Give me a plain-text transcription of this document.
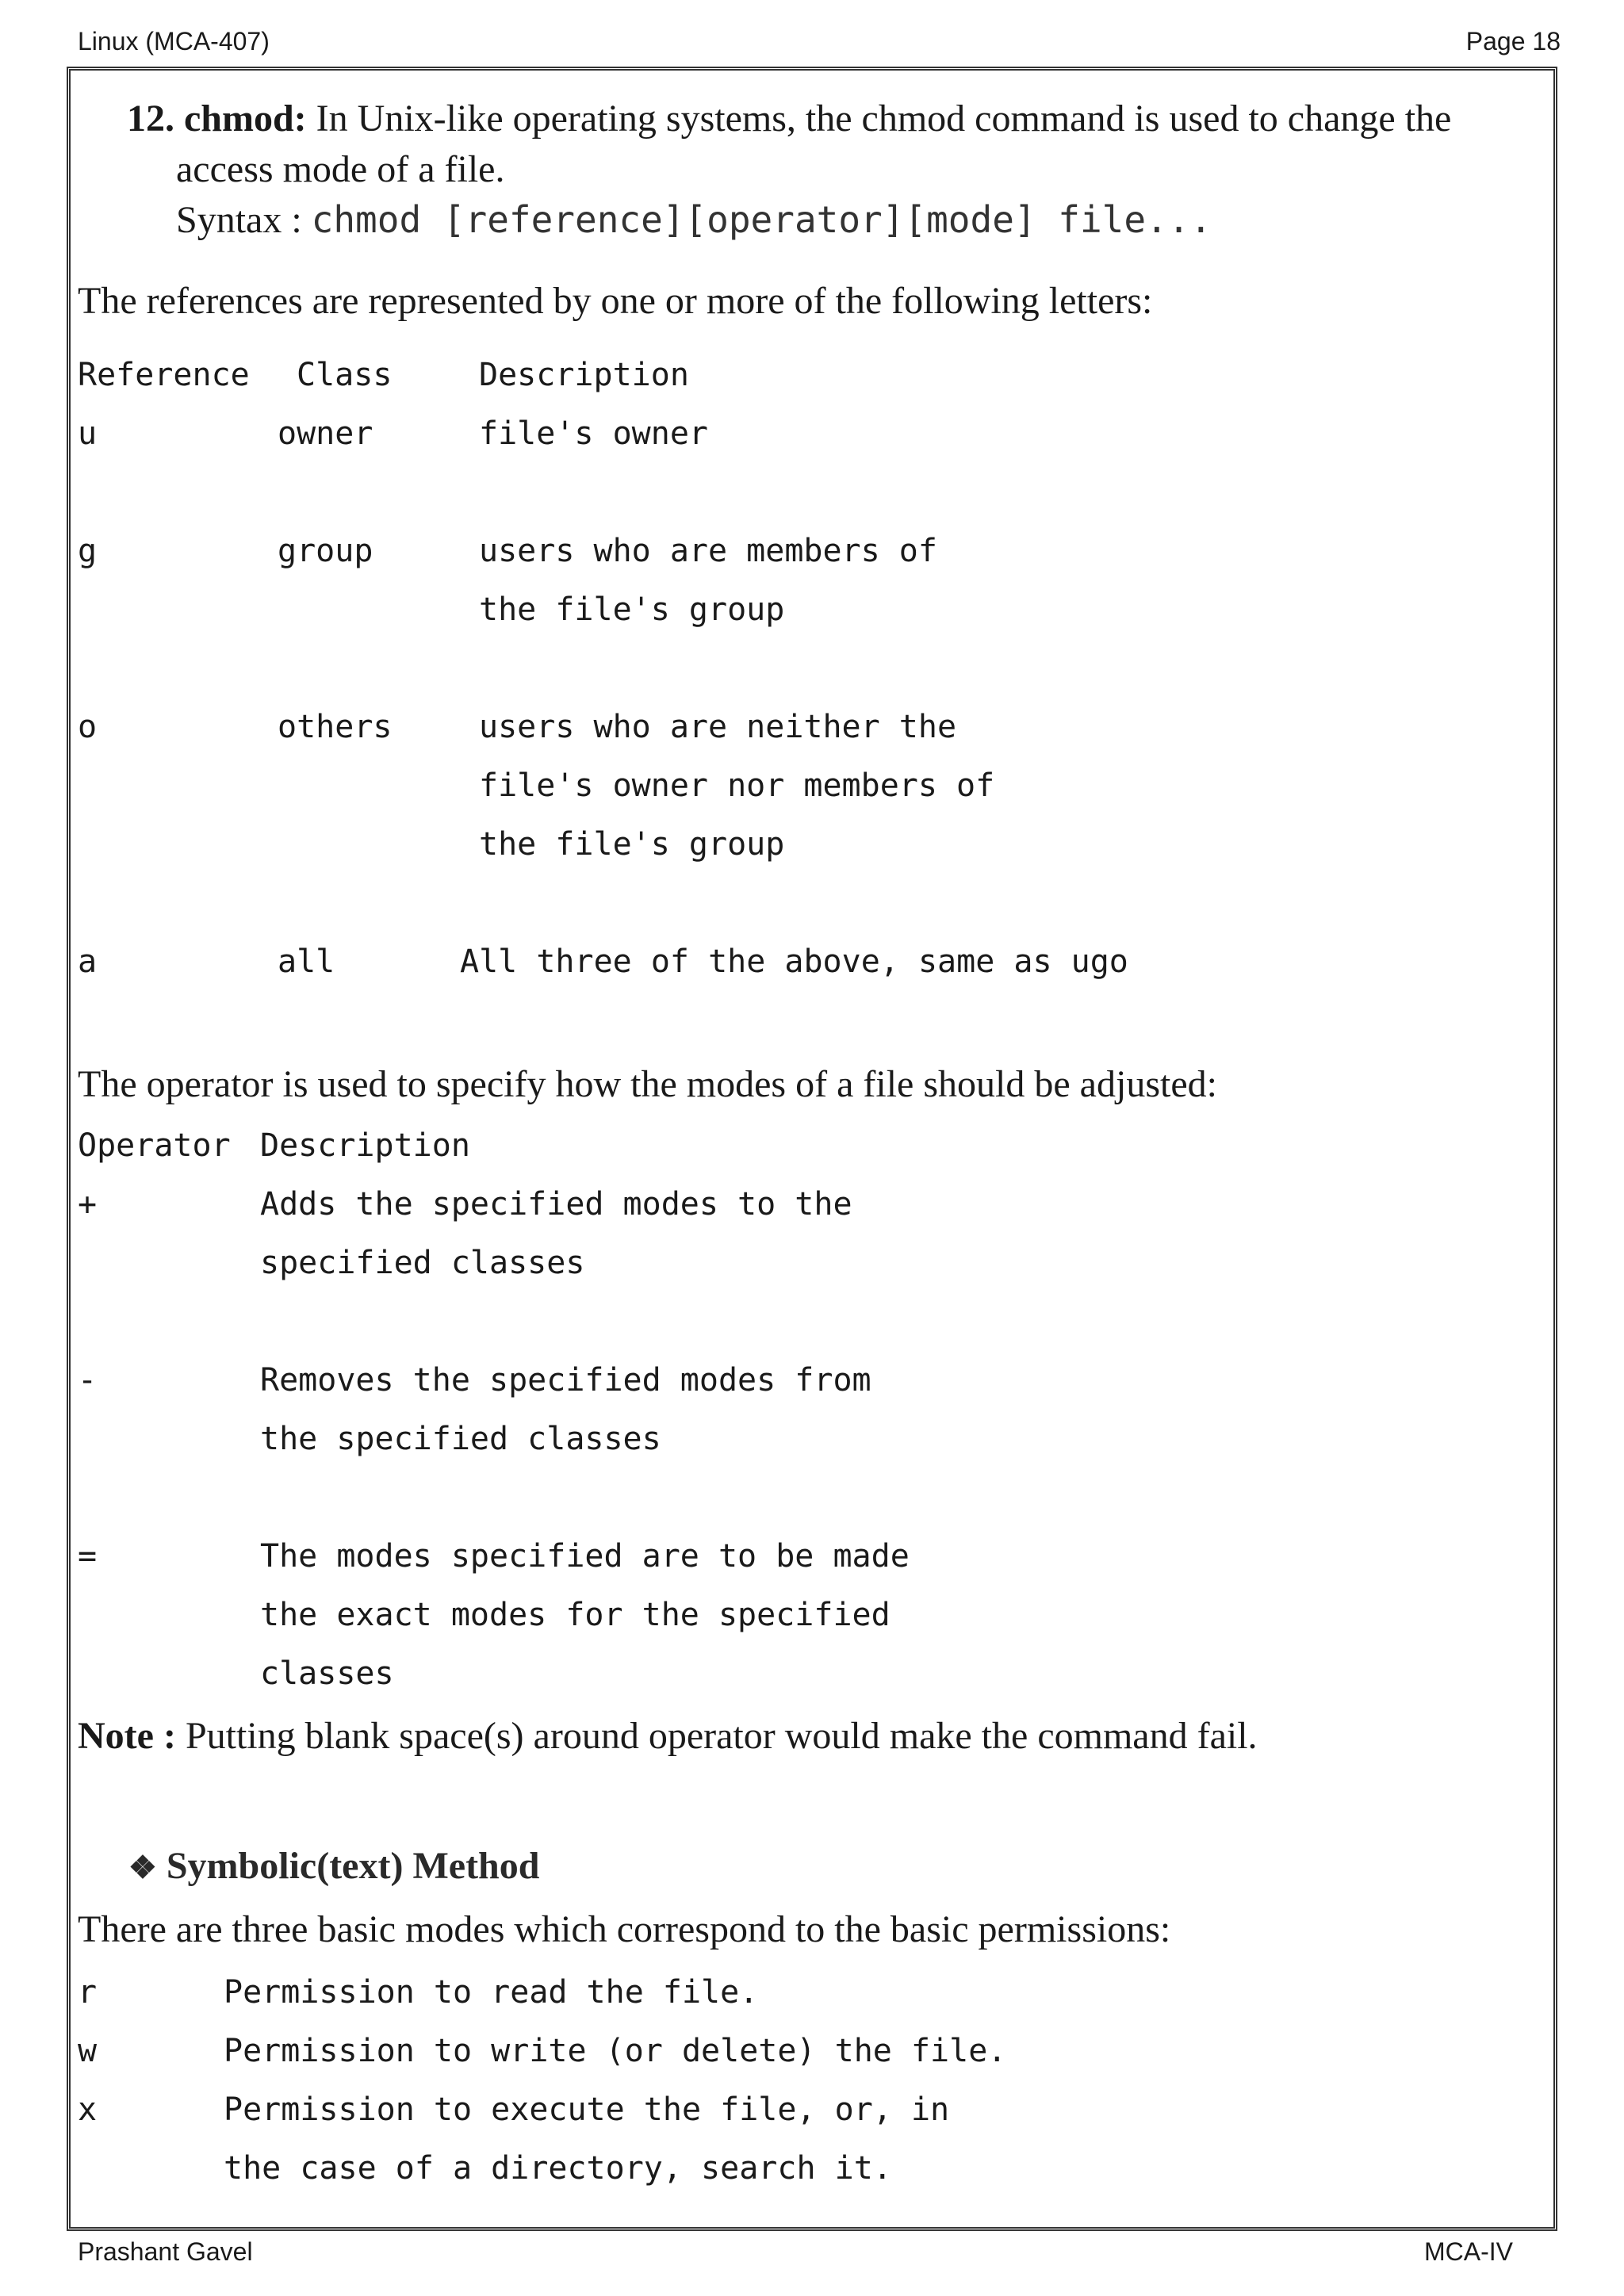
Linux (MCA-407)	Page 18
12. chmod: In Unix-like operating systems, the chmod command is used to change the
access mode of a file.
Syntax : chmod [reference][operator][mode] file...
The references are represented by one or more of the following letters:
Reference Class	Description
u	owner	file's owner
g	group	users who are members of
the file's group
o	others	users who are neither the
file's owner nor members of
the file's group
a	all	All three of the above, same as ugo
The operator is used to specify how the modes of a file should be adjusted:
Operator Description
+	Adds the specified modes to the
specified classes
-	Removes the specified modes from
the specified classes
=	The modes specified are to be made
the exact modes for the specified
classes
Note : Putting blank space(s) around operator would make the command fail.
❖ Symbolic(text) Method
There are three basic modes which correspond to the basic permissions:
r	Permission to read the file.
w	Permission to write (or delete) the file.
x	Permission to execute the file, or, in
the case of a directory, search it.
Prashant Gavel	MCA-IV
